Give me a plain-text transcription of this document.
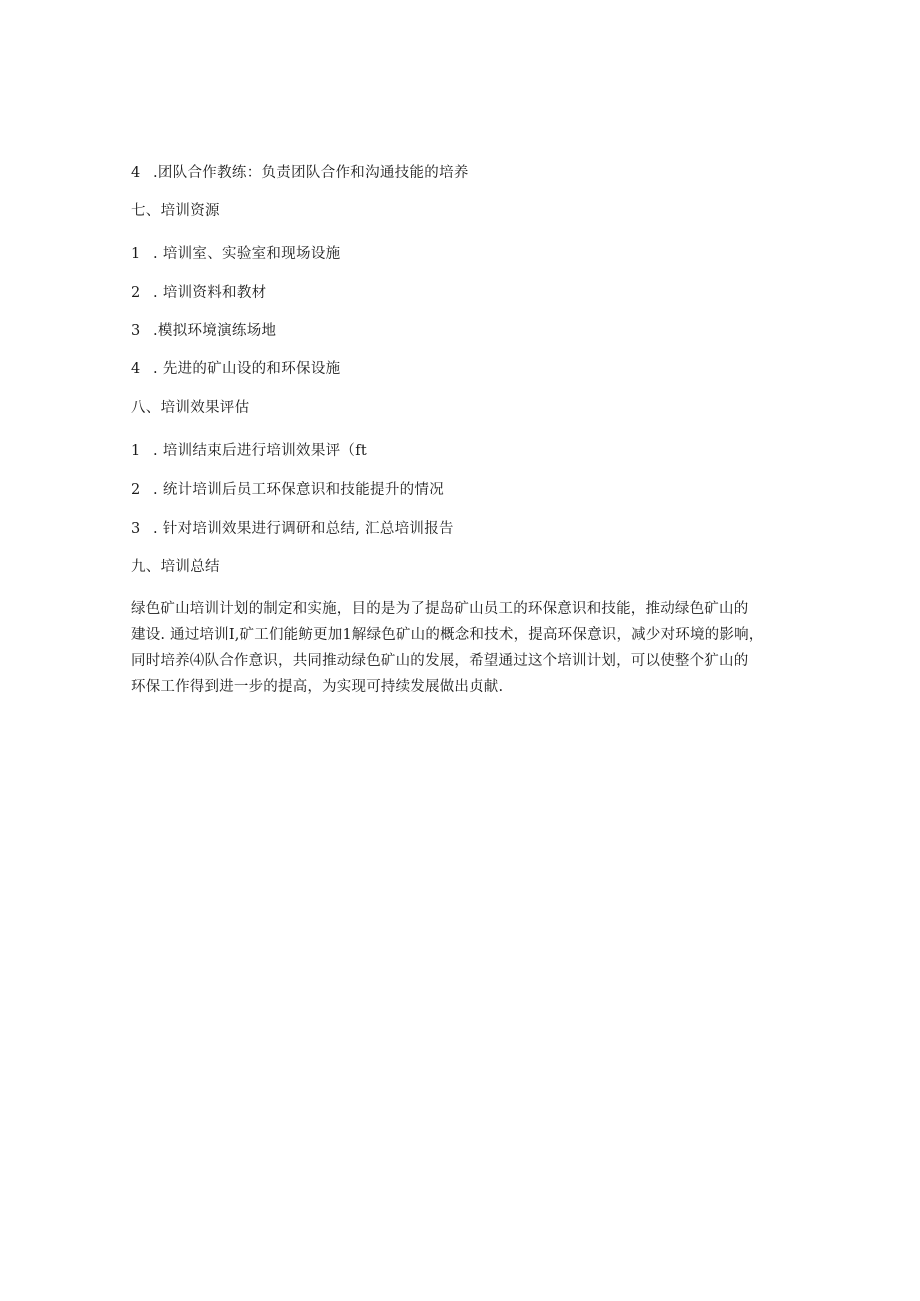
4 .团队合作教练：负责团队合作和沟通技能的培养
七、培训资源
1 . 培训室、实验室和现场设施
2 . 培训资料和教材
3 .模拟环境演练场地
4 . 先进的矿山设的和环保设施
八、培训效果评估
1 . 培训结束后进行培训效果评（ft
2 . 统计培训后员工环保意识和技能提升的情况
3 . 针对培训效果进行调研和总结, 汇总培训报告
九、培训总结
绿色矿山培训计划的制定和实施，目的是为了提岛矿山员工的环保意识和技能，推动绿色矿山的
建设. 通过培训I,矿工们能鲂更加1解绿色矿山的概念和技术，提高环保意识，减少对环境的影响，
同时培养⑷队合作意识，共同推动绿色矿山的发展，希望通过这个培训计划，可以使整个犷山的
环保工作得到进一步的提高，为实现可持续发展做出贞献.
